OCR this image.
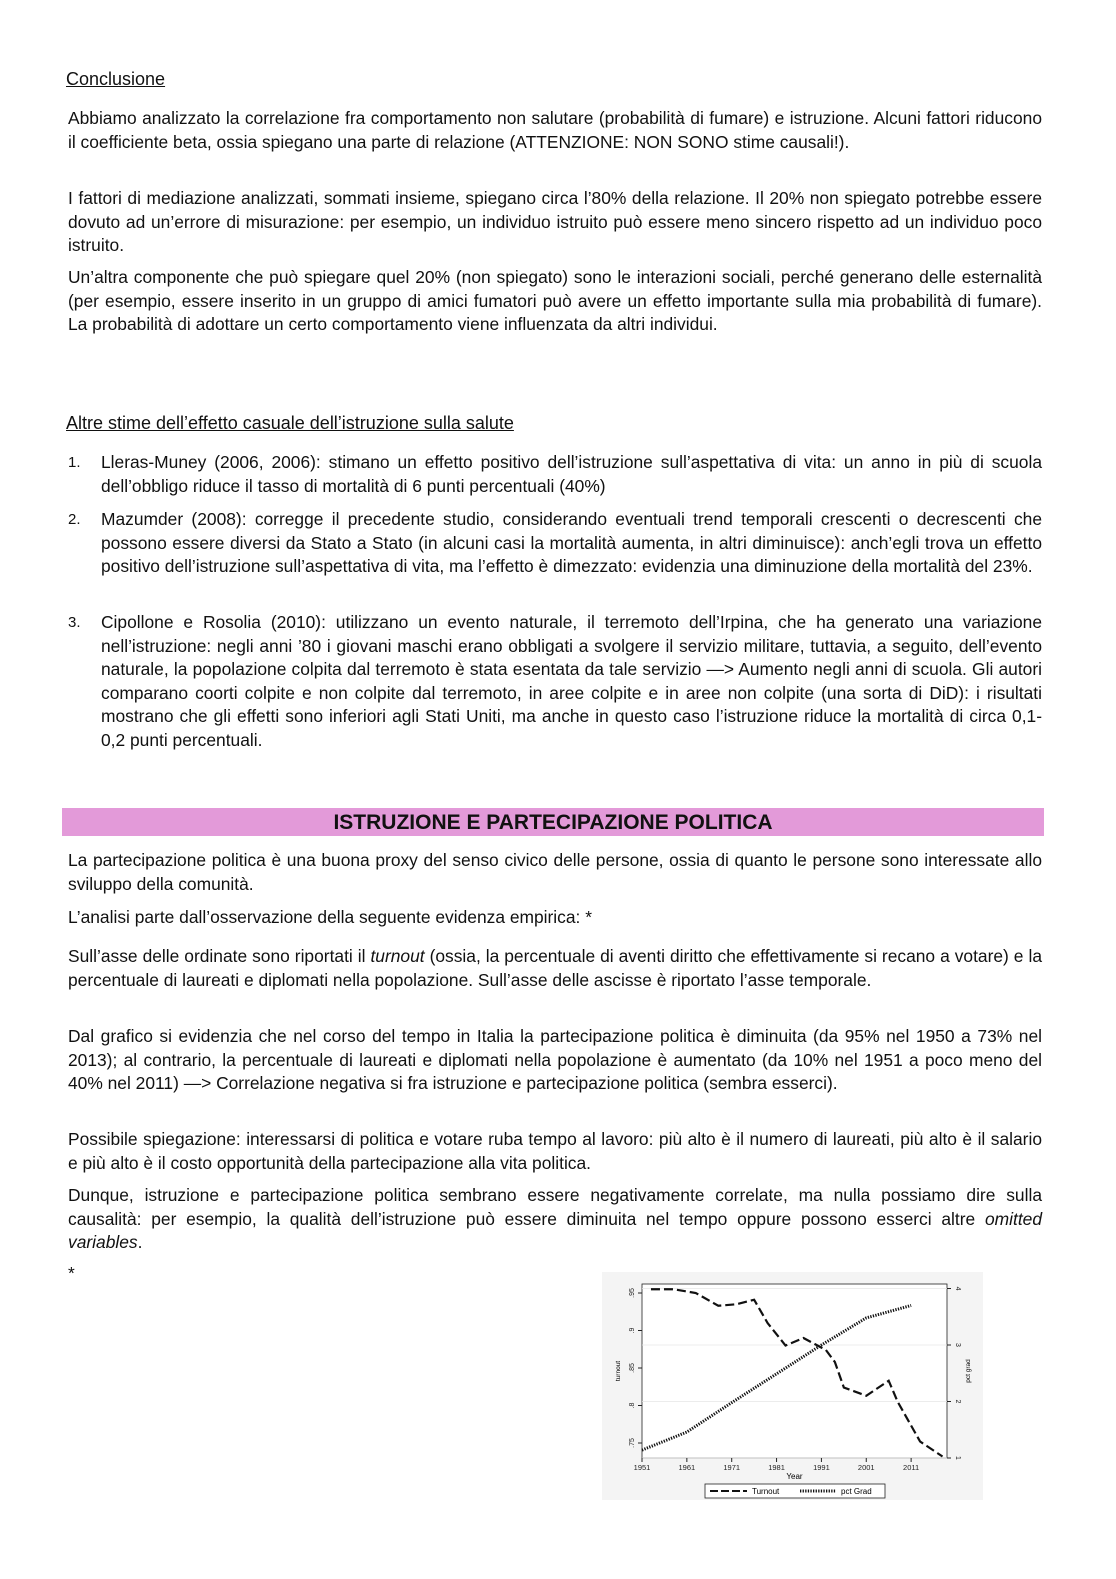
Conclusione

Abbiamo analizzato la correlazione fra comportamento non salutare (probabilità di fumare) e istruzione. Alcuni fattori riducono il coefficiente beta, ossia spiegano una parte di relazione (ATTENZIONE: NON SONO stime causali!).

I fattori di mediazione analizzati, sommati insieme, spiegano circa l’80% della relazione. Il 20% non spiegato potrebbe essere dovuto ad un’errore di misurazione: per esempio, un individuo istruito può essere meno sincero rispetto ad un individuo poco istruito.

Un’altra componente che può spiegare quel 20% (non spiegato) sono le interazioni sociali, perché generano delle esternalità (per esempio, essere inserito in un gruppo di amici fumatori può avere un effetto importante sulla mia probabilità di fumare). La probabilità di adottare un certo comportamento viene influenzata da altri individui.

Altre stime dell’effetto casuale dell’istruzione sulla salute
1. Lleras-Muney (2006, 2006): stimano un effetto positivo dell’istruzione sull’aspettativa di vita: un anno in più di scuola dell’obbligo riduce il tasso di mortalità di 6 punti percentuali (40%)
2. Mazumder (2008): corregge il precedente studio, considerando eventuali trend temporali crescenti o decrescenti che possono essere diversi da Stato a Stato (in alcuni casi la mortalità aumenta, in altri diminuisce): anch’egli trova un effetto positivo dell’istruzione sull’aspettativa di vita, ma l’effetto è dimezzato: evidenzia una diminuzione della mortalità del 23%.
3. Cipollone e Rosolia (2010): utilizzano un evento naturale, il terremoto dell’Irpina, che ha generato una variazione nell’istruzione: negli anni ’80 i giovani maschi erano obbligati a svolgere il servizio militare, tuttavia, a seguito, dell’evento naturale, la popolazione colpita dal terremoto è stata esentata da tale servizio —> Aumento negli anni di scuola. Gli autori comparano coorti colpite e non colpite dal terremoto, in aree colpite e in aree non colpite (una sorta di DiD): i risultati mostrano che gli effetti sono inferiori agli Stati Uniti, ma anche in questo caso l’istruzione riduce la mortalità di circa 0,1-0,2 punti percentuali.
ISTRUZIONE E PARTECIPAZIONE POLITICA

La partecipazione politica è una buona proxy del senso civico delle persone, ossia di quanto le persone sono interessate allo sviluppo della comunità.

L’analisi parte dall’osservazione della seguente evidenza empirica: *

Sull’asse delle ordinate sono riportati il turnout (ossia, la percentuale di aventi diritto che effettivamente si recano a votare) e la percentuale di laureati e diplomati nella popolazione. Sull’asse delle ascisse è riportato l’asse temporale.

Dal grafico si evidenzia che nel corso del tempo in Italia la partecipazione politica è diminuita (da 95% nel 1950 a 73% nel 2013); al contrario, la percentuale di laureati e diplomati nella popolazione è aumentato (da 10% nel 1951 a poco meno del 40% nel 2011) —> Correlazione negativa si fra istruzione e partecipazione politica (sembra esserci).

Possibile spiegazione: interessarsi di politica e votare ruba tempo al lavoro: più alto è il numero di laureati, più alto è il salario e più alto è il costo opportunità della partecipazione alla vita politica.

Dunque, istruzione e partecipazione politica sembrano essere negativamente correlate, ma nulla possiamo dire sulla causalità: per esempio, la qualità dell’istruzione può essere diminuita nel tempo oppure possono esserci altre omitted variables.

*

1
2
3
4
.75
.8
.85
.9
.95
1951	1961	1971	1981	1991	2001	2011
Year
turnout	pct grad
Turnout	pct Grad
